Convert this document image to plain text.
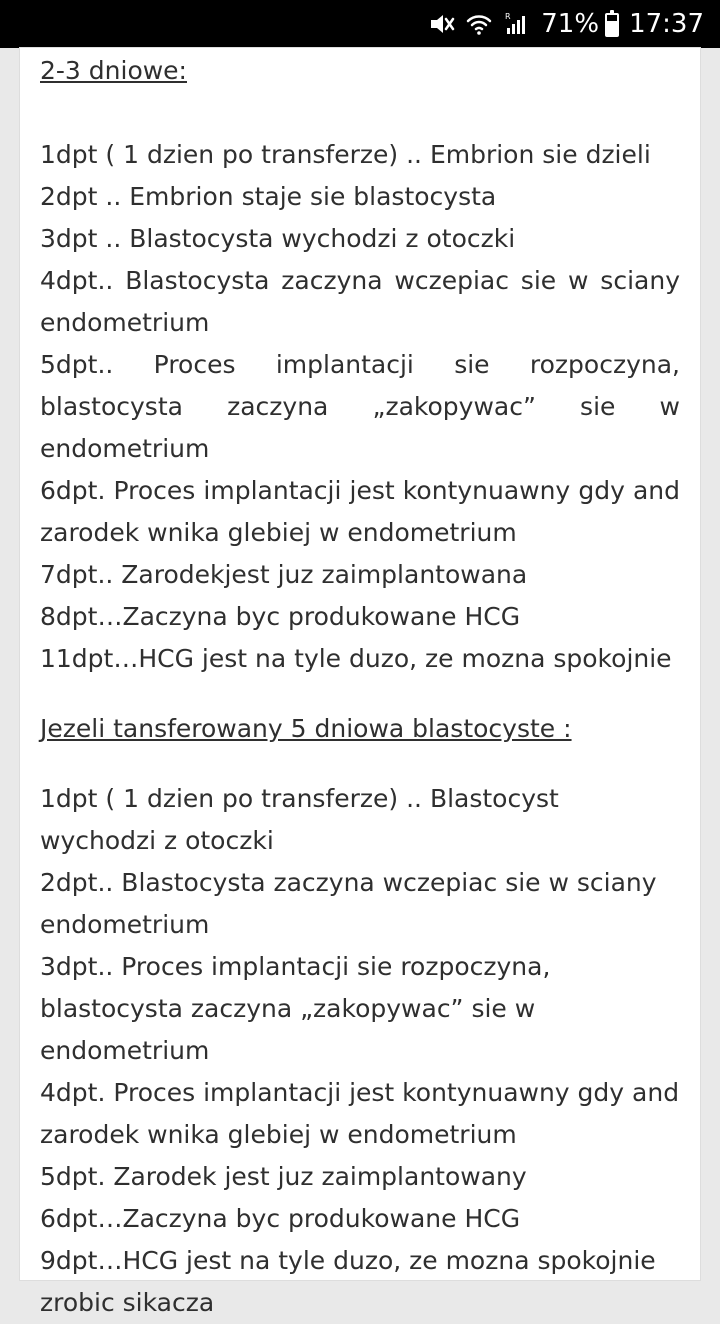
R 71% 17:37
2-3 dniowe:

1dpt ( 1 dzien po transferze) .. Embrion sie dzieli

2dpt .. Embrion staje sie blastocysta

3dpt .. Blastocysta wychodzi z otoczki

4dpt.. Blastocysta zaczyna wczepiac sie w sciany endometrium

5dpt.. Proces implantacji sie rozpoczyna, blastocysta zaczyna „zakopywac” sie w endometrium

6dpt. Proces implantacji jest kontynuawny gdy and zarodek wnika glebiej w endometrium

7dpt.. Zarodekjest juz zaimplantowana

8dpt…Zaczyna byc produkowane HCG

11dpt…HCG jest na tyle duzo, ze mozna spokojnie

Jezeli tansferowany 5 dniowa blastocyste :

1dpt ( 1 dzien po transferze) .. Blastocyst wychodzi z otoczki

2dpt.. Blastocysta zaczyna wczepiac sie w sciany endometrium

3dpt.. Proces implantacji sie rozpoczyna, blastocysta zaczyna „zakopywac” sie w endometrium

4dpt. Proces implantacji jest kontynuawny gdy and zarodek wnika glebiej w endometrium

5dpt. Zarodek jest juz zaimplantowany

6dpt…Zaczyna byc produkowane HCG

9dpt…HCG jest na tyle duzo, ze mozna spokojnie zrobic sikacza
